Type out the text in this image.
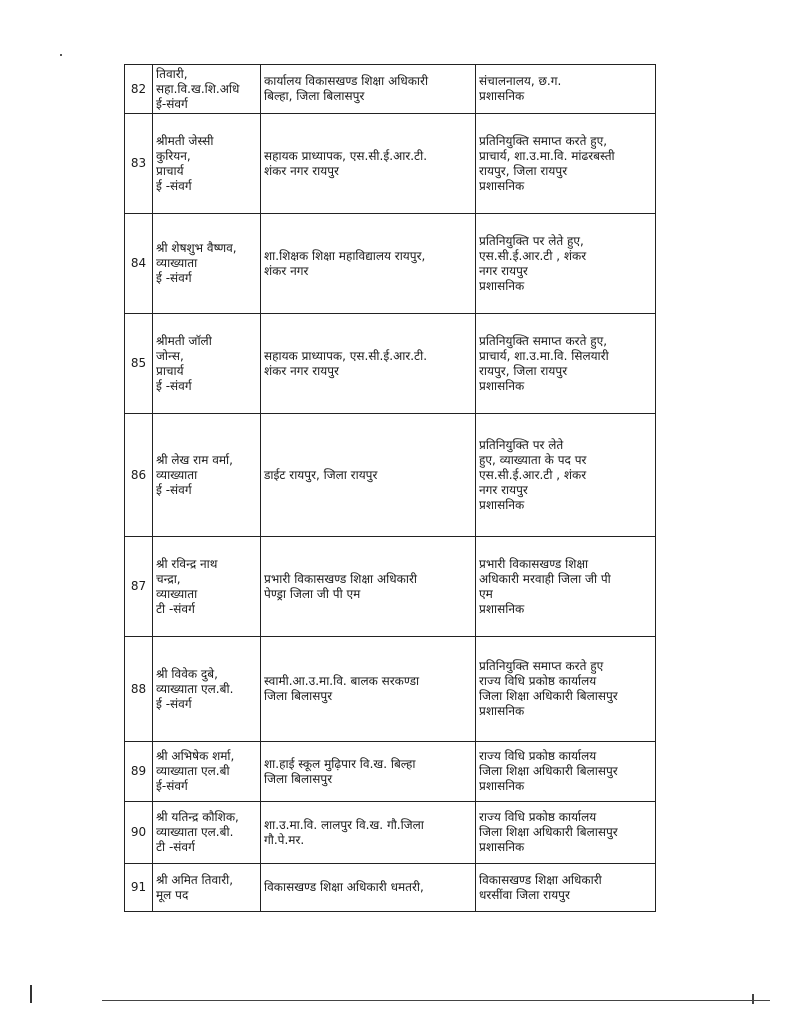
82	तिवारी,
सहा.वि.ख.शि.अधि
ई-संवर्ग	कार्यालय विकासखण्ड शिक्षा अधिकारी
बिल्हा, जिला बिलासपुर	संचालनालय, छ.ग.
प्रशासनिक

83	श्रीमती जेस्सी
कुरियन,
प्राचार्य
ई -संवर्ग	सहायक प्राध्यापक, एस.सी.ई.आर.टी.
शंकर नगर रायपुर	प्रतिनियुक्ति समाप्त करते हुए,
प्राचार्य, शा.उ.मा.वि. मांढरबस्ती
रायपुर, जिला रायपुर
प्रशासनिक

84	श्री शेषशुभ वैष्णव,
व्याख्याता
ई -संवर्ग	शा.शिक्षक शिक्षा महाविद्यालय रायपुर,
शंकर नगर	प्रतिनियुक्ति पर लेते हुए,
एस.सी.ई.आर.टी , शंकर
नगर रायपुर
प्रशासनिक

85	श्रीमती जॉली
जोन्स,
प्राचार्य
ई -संवर्ग	सहायक प्राध्यापक, एस.सी.ई.आर.टी.
शंकर नगर रायपुर	प्रतिनियुक्ति समाप्त करते हुए,
प्राचार्य, शा.उ.मा.वि. सिलयारी
रायपुर, जिला रायपुर
प्रशासनिक

86	श्री लेख राम वर्मा,
व्याख्याता
ई -संवर्ग	डाईट रायपुर, जिला रायपुर	प्रतिनियुक्ति पर लेते
हुए, व्याख्याता के पद पर
एस.सी.ई.आर.टी , शंकर
नगर रायपुर
प्रशासनिक

87	श्री रविन्द्र नाथ
चन्द्रा,
व्याख्याता
टी -संवर्ग	प्रभारी विकासखण्ड शिक्षा अधिकारी
पेण्ड्रा जिला जी पी एम	प्रभारी विकासखण्ड शिक्षा
अधिकारी मरवाही जिला जी पी
एम
प्रशासनिक

88	श्री विवेक दुबे,
व्याख्याता एल.बी.
ई -संवर्ग	स्वामी.आ.उ.मा.वि. बालक सरकण्डा
जिला बिलासपुर	प्रतिनियुक्ति समाप्त करते हुए
राज्य विधि प्रकोष्ठ कार्यालय
जिला शिक्षा अधिकारी बिलासपुर
प्रशासनिक

89	श्री अभिषेक शर्मा,
व्याख्याता एल.बी
ई-संवर्ग	शा.हाई स्कूल मुढ़िपार वि.ख. बिल्हा
जिला बिलासपुर	राज्य विधि प्रकोष्ठ कार्यालय
जिला शिक्षा अधिकारी बिलासपुर
प्रशासनिक

90	श्री यतिन्द्र कौशिक,
व्याख्याता एल.बी.
टी -संवर्ग	शा.उ.मा.वि. लालपुर वि.ख. गौ.जिला
गौ.पे.मर.	राज्य विधि प्रकोष्ठ कार्यालय
जिला शिक्षा अधिकारी बिलासपुर
प्रशासनिक

91	श्री अमित तिवारी,
मूल पद	विकासखण्ड शिक्षा अधिकारी धमतरी,	विकासखण्ड शिक्षा अधिकारी
धरसींवा जिला रायपुर
